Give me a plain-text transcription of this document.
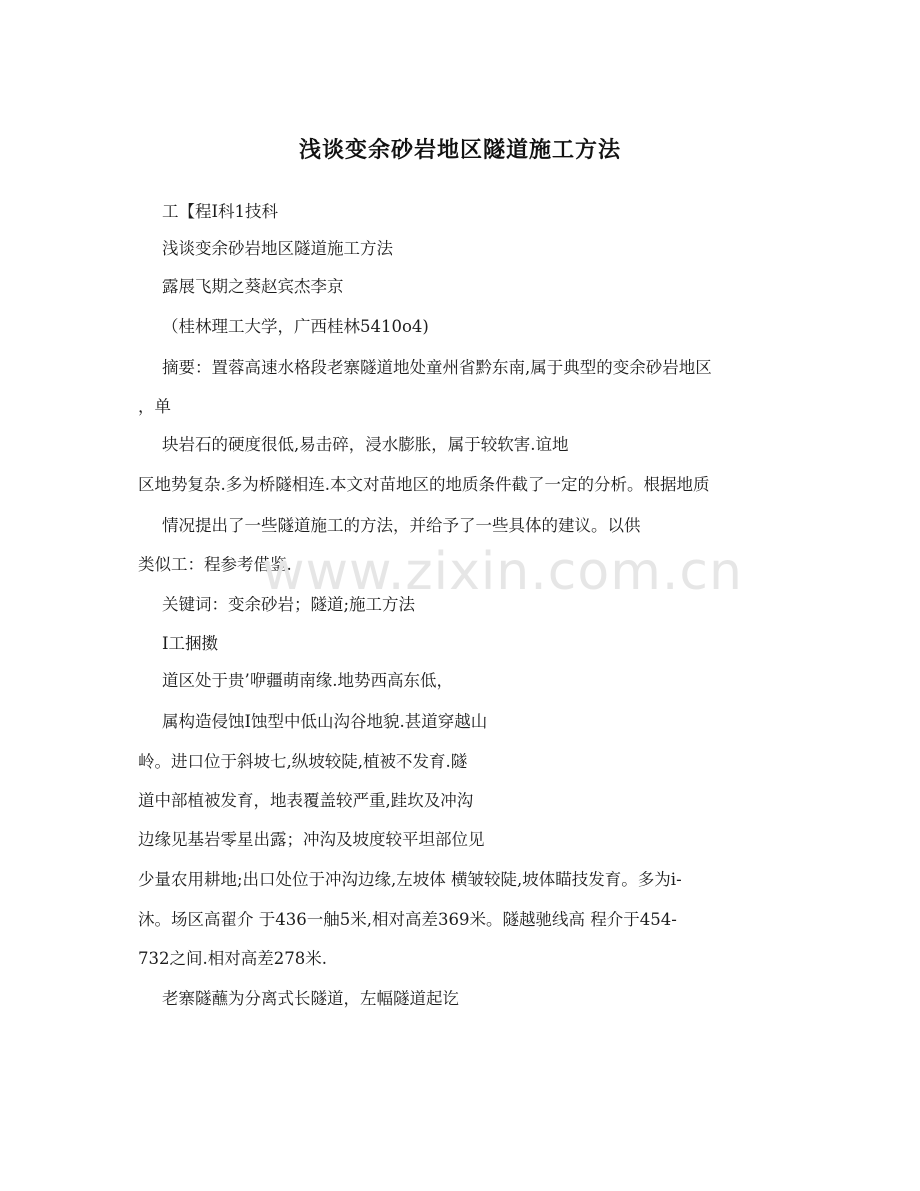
浅谈变余砂岩地区隧道施工方法
工【程I科1技科
浅谈变余砂岩地区隧道施工方法
露展飞期之葵赵宾杰李京
（桂林理工大学，广西桂林5410o4)
摘要：置蓉高速水格段老寨隧道地处童州省黔东南,属于典型的变余砂岩地区
，单
块岩石的硬度很低,易击碎，浸水膨胀，属于较软害.谊地
区地势复杂.多为桥隧相连.本文对苗地区的地质条件截了一定的分析。根据地质
情况提出了一些隧道施工的方法，并给予了一些具体的建议。以供
类似工：程参考借鉴.
关键词：变余砂岩；隧道;施工方法
I工捆擞
道区处于贵’咿疆萌南缘.地势西高东低，
属构造侵蚀I蚀型中低山沟谷地貌.甚道穿越山
岭。进口位于斜坡七,纵坡较陡,植被不发育.隧
道中部植被发育，地表覆盖较严重,跬坎及冲沟
边缘见基岩零星出露；冲沟及坡度较平坦部位见
少量农用耕地;出口处位于冲沟边缘,左坡体 横皱较陡,坡体瞄技发育。多为i-
沐。场区高翟介 于436一舳5米,相对高差369米。隧越驰线高 程介于454-
732之间.相对高差278米.
老寨隧蘸为分离式长隧道，左幅隧道起讫
www.zixin.com.cn
